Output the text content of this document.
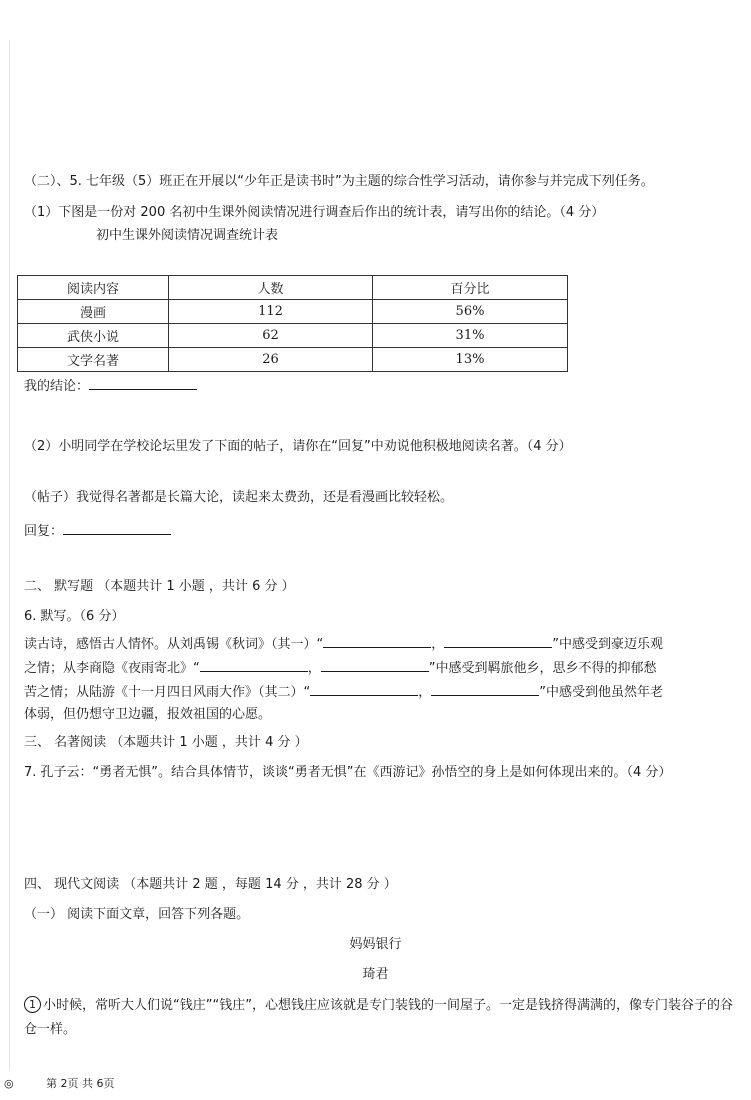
（二）、5. 七年级（5）班正在开展以“少年正是读书时”为主题的综合性学习活动，请你参与并完成下列任务。
（1）下图是一份对 200 名初中生课外阅读情况进行调查后作出的统计表，请写出你的结论。（4 分）
初中生课外阅读情况调查统计表
阅读内容	人数	百分比
漫画	112	56%
武侠小说	62	31%
文学名著	26	13%
我的结论：
（2）小明同学在学校论坛里发了下面的帖子，请你在“回复”中劝说他积极地阅读名著。（4 分）
（帖子）我觉得名著都是长篇大论，读起来太费劲，还是看漫画比较轻松。
回复：
二、 默写题 （本题共计 1 小题 ，共计 6 分 ）
6. 默写。（6 分）
读古诗，感悟古人情怀。从刘禹锡《秋词》（其一）“	，	”中感受到豪迈乐观
之情；从李商隐《夜雨寄北》“	，	”中感受到羁旅他乡，思乡不得的抑郁愁
苦之情；从陆游《十一月四日风雨大作》（其二）“	，	”中感受到他虽然年老
体弱，但仍想守卫边疆，报效祖国的心愿。
三、 名著阅读 （本题共计 1 小题 ，共计 4 分 ）
7. 孔子云：“勇者无惧”。结合具体情节，谈谈“勇者无惧”在《西游记》孙悟空的身上是如何体现出来的。（4 分）
四、 现代文阅读 （本题共计 2 题 ，每题 14 分 ，共计 28 分 ）
（一） 阅读下面文章，回答下列各题。
妈妈银行
琦君
1 小时候，常听大人们说“钱庄”“钱庄”，心想钱庄应该就是专门装钱的一间屋子。一定是钱挤得满满的，像专门装谷子的谷仓一样。
◎	第 2页 共 6页
